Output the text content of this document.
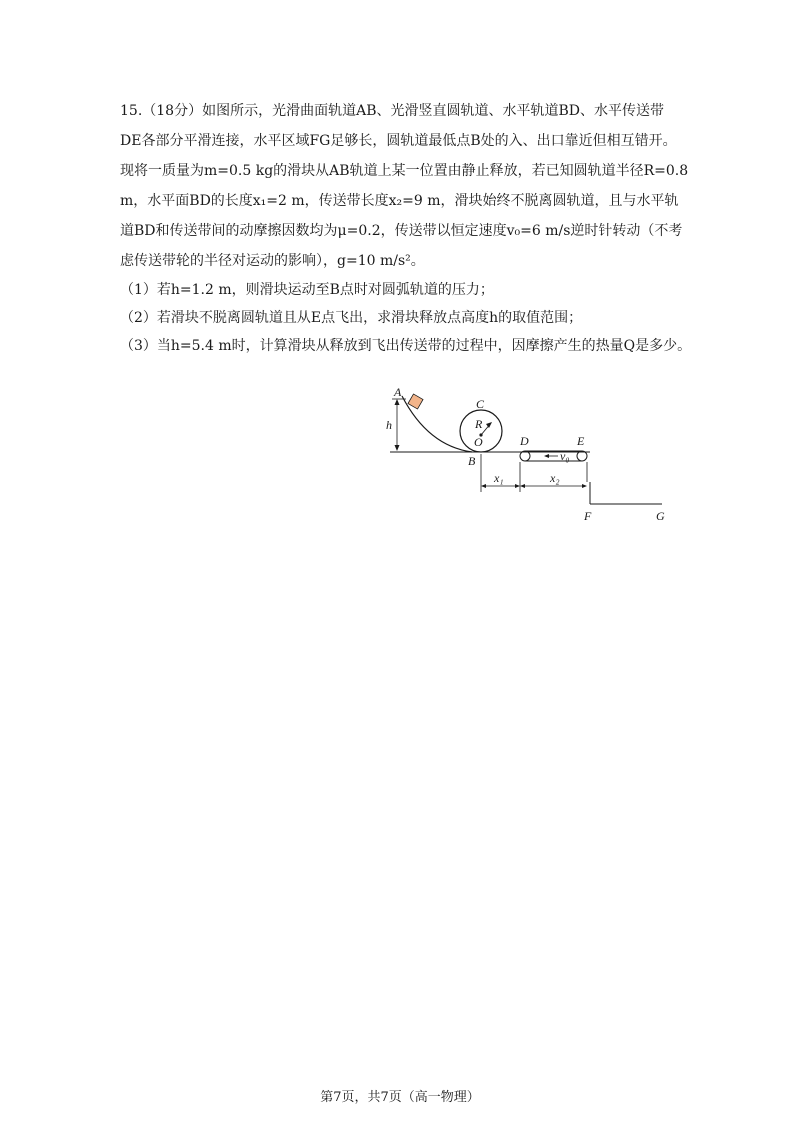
15.（18分）如图所示，光滑曲面轨道AB、光滑竖直圆轨道、水平轨道BD、水平传送带
DE各部分平滑连接，水平区域FG足够长，圆轨道最低点B处的入、出口靠近但相互错开。
现将一质量为m=0.5 kg的滑块从AB轨道上某一位置由静止释放，若已知圆轨道半径R=0.8
m，水平面BD的长度x₁=2 m，传送带长度x₂=9 m，滑块始终不脱离圆轨道，且与水平轨
道BD和传送带间的动摩擦因数均为μ=0.2，传送带以恒定速度v₀=6 m/s逆时针转动（不考
虑传送带轮的半径对运动的影响），g=10 m/s²。
（1）若h=1.2 m，则滑块运动至B点时对圆弧轨道的压力；
（2）若滑块不脱离圆轨道且从E点飞出，求滑块释放点高度h的取值范围；
（3）当h=5.4 m时，计算滑块从释放到飞出传送带的过程中，因摩擦产生的热量Q是多少。
A
h
C
R
O
B
D	E
v₀
x₁	x₂
F	G
第7页，共7页（高一物理）
